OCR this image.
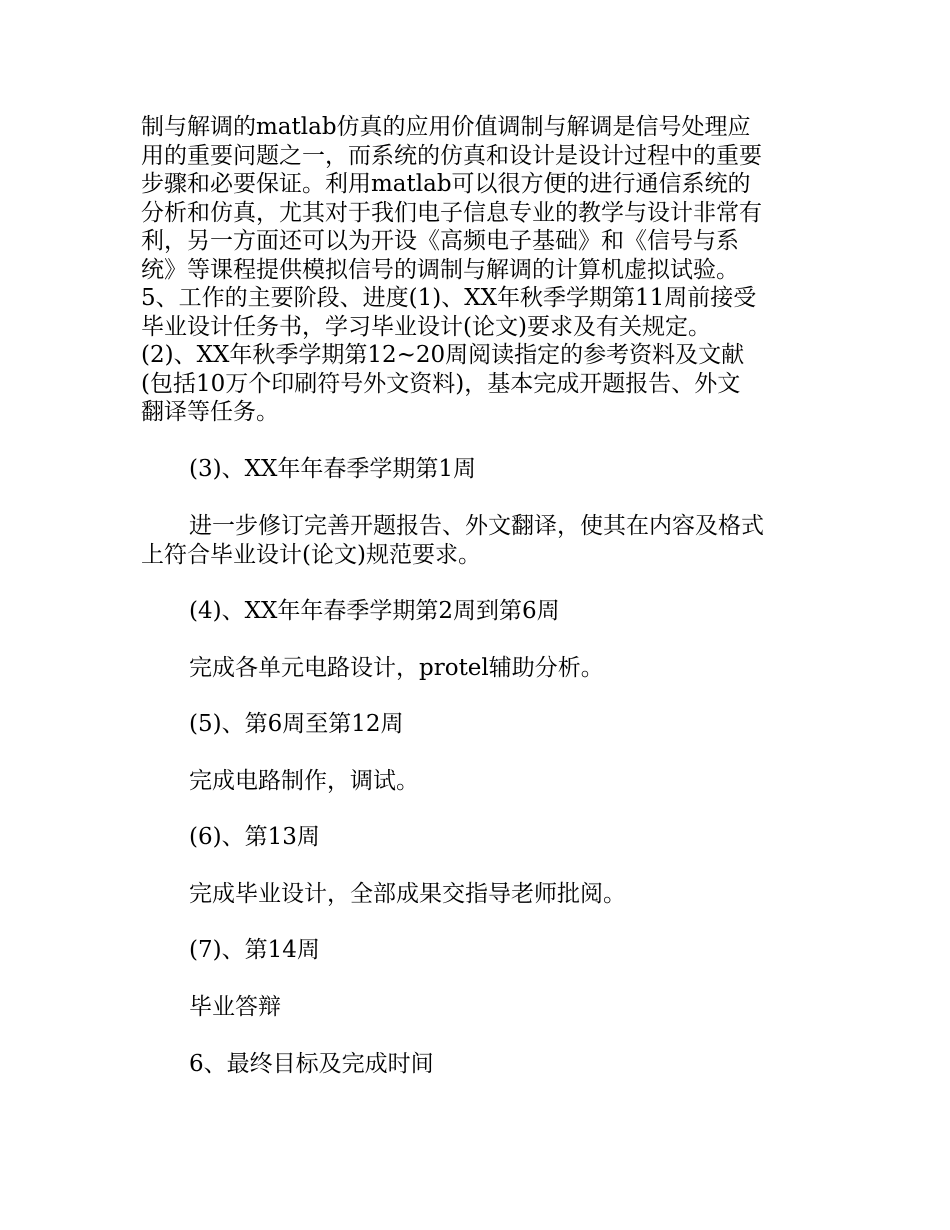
制与解调的matlab仿真的应用价值调制与解调是信号处理应
用的重要问题之一，而系统的仿真和设计是设计过程中的重要
步骤和必要保证。利用matlab可以很方便的进行通信系统的
分析和仿真，尤其对于我们电子信息专业的教学与设计非常有
利，另一方面还可以为开设《高频电子基础》和《信号与系
统》等课程提供模拟信号的调制与解调的计算机虚拟试验。
5、工作的主要阶段、进度(1)、XX年秋季学期第11周前接受
毕业设计任务书，学习毕业设计(论文)要求及有关规定。
(2)、XX年秋季学期第12~20周阅读指定的参考资料及文献
(包括10万个印刷符号外文资料)，基本完成开题报告、外文
翻译等任务。
(3)、XX年年春季学期第1周
进一步修订完善开题报告、外文翻译，使其在内容及格式
上符合毕业设计(论文)规范要求。
(4)、XX年年春季学期第2周到第6周
完成各单元电路设计，protel辅助分析。
(5)、第6周至第12周
完成电路制作，调试。
(6)、第13周
完成毕业设计，全部成果交指导老师批阅。
(7)、第14周
毕业答辩
6、最终目标及完成时间
